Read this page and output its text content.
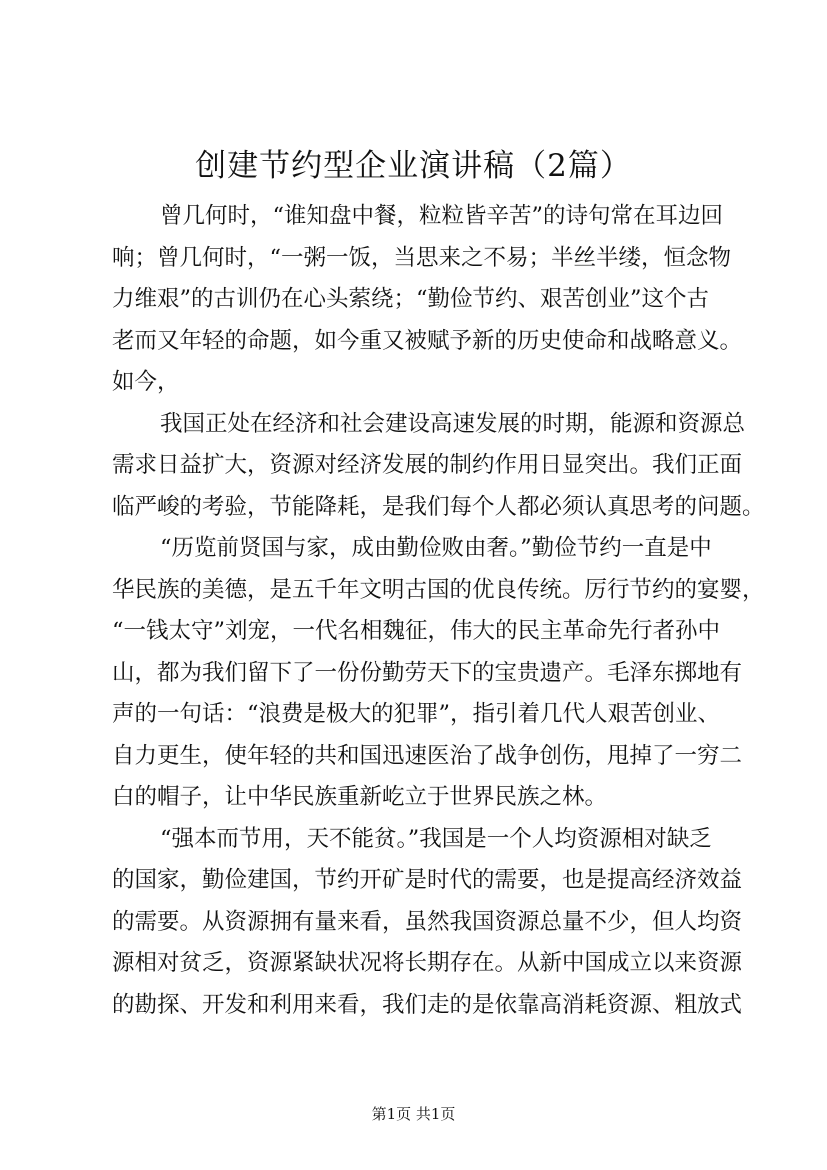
创建节约型企业演讲稿（2篇）

曾几何时，“谁知盘中餐，粒粒皆辛苦”的诗句常在耳边回
响；曾几何时，“一粥一饭，当思来之不易；半丝半缕，恒念物
力维艰”的古训仍在心头萦绕；“勤俭节约、艰苦创业”这个古
老而又年轻的命题，如今重又被赋予新的历史使命和战略意义。
如今，

我国正处在经济和社会建设高速发展的时期，能源和资源总
需求日益扩大，资源对经济发展的制约作用日显突出。我们正面
临严峻的考验，节能降耗，是我们每个人都必须认真思考的问题。

“历览前贤国与家，成由勤俭败由奢。”勤俭节约一直是中
华民族的美德，是五千年文明古国的优良传统。厉行节约的宴婴，
“一钱太守”刘宠，一代名相魏征，伟大的民主革命先行者孙中
山，都为我们留下了一份份勤劳天下的宝贵遗产。毛泽东掷地有
声的一句话：“浪费是极大的犯罪”，指引着几代人艰苦创业、
自力更生，使年轻的共和国迅速医治了战争创伤，甩掉了一穷二
白的帽子，让中华民族重新屹立于世界民族之林。

“强本而节用，天不能贫。”我国是一个人均资源相对缺乏
的国家，勤俭建国，节约开矿是时代的需要，也是提高经济效益
的需要。从资源拥有量来看，虽然我国资源总量不少，但人均资
源相对贫乏，资源紧缺状况将长期存在。从新中国成立以来资源
的勘探、开发和利用来看，我们走的是依靠高消耗资源、粗放式

第1页 共1页
